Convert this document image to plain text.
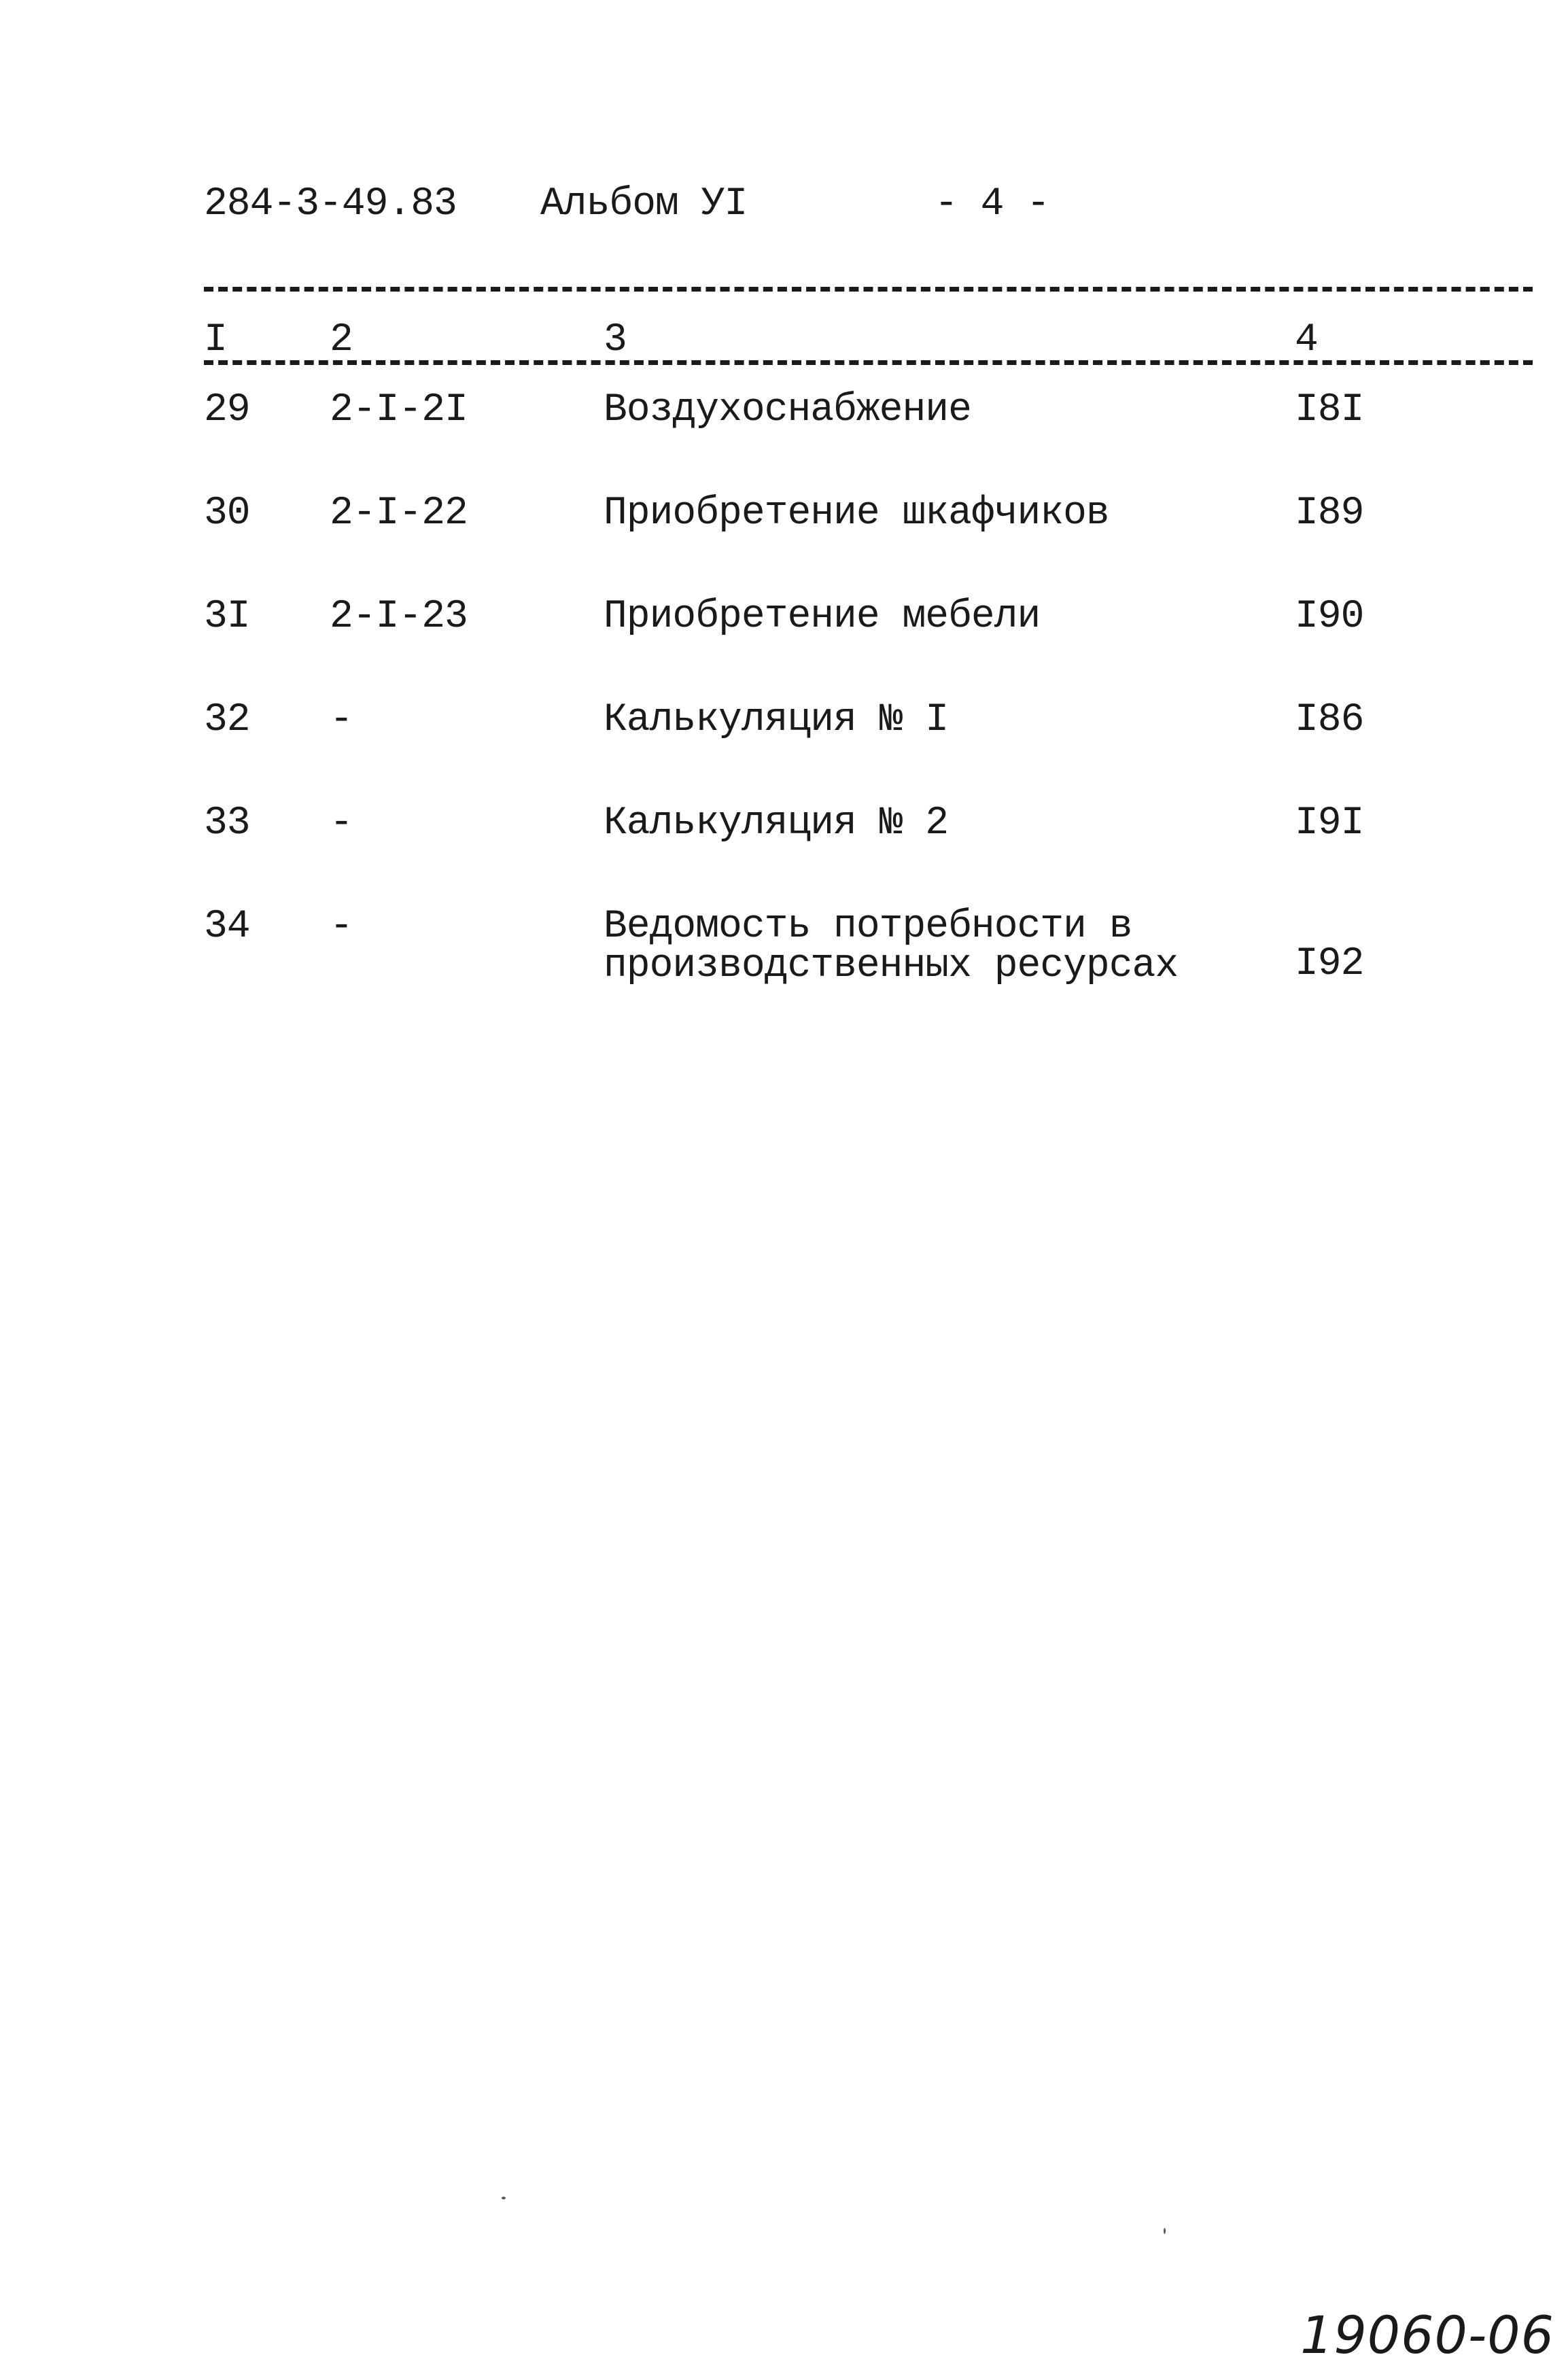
284-3-49.83 Альбом УI	- 4 -
I	2	3	4
29 2-I-2I	Воздухоснабжение	I8I
30 2-I-22	Приобретение шкафчиков	I89
3I 2-I-23	Приобретение мебели	I90
32 -	Калькуляция № I	I86
33 -	Калькуляция № 2	I9I
34 -	Ведомость потребности в
производственных ресурсах	I92
19060-06
